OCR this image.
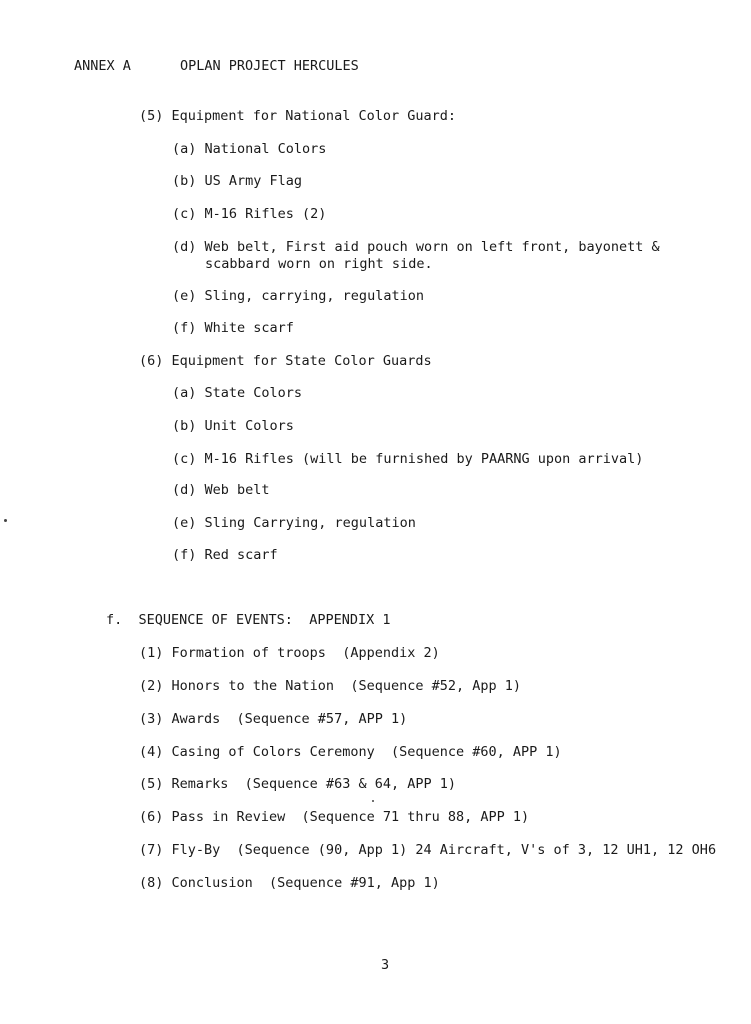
ANNEX A	OPLAN PROJECT HERCULES
(5) Equipment for National Color Guard:
(a) National Colors
(b) US Army Flag
(c) M-16 Rifles (2)
(d) Web belt, First aid pouch worn on left front, bayonett &
scabbard worn on right side.
(e) Sling, carrying, regulation
(f) White scarf
(6) Equipment for State Color Guards
(a) State Colors
(b) Unit Colors
(c) M-16 Rifles (will be furnished by PAARNG upon arrival)
(d) Web belt
(e) Sling Carrying, regulation
(f) Red scarf
f.  SEQUENCE OF EVENTS:  APPENDIX 1
(1) Formation of troops  (Appendix 2)
(2) Honors to the Nation  (Sequence #52, App 1)
(3) Awards  (Sequence #57, APP 1)
(4) Casing of Colors Ceremony  (Sequence #60, APP 1)
(5) Remarks  (Sequence #63 & 64, APP 1)
(6) Pass in Review  (Sequence 71 thru 88, APP 1)
(7) Fly-By  (Sequence (90, App 1) 24 Aircraft, V's of 3, 12 UH1, 12 OH6
(8) Conclusion  (Sequence #91, App 1)
3
